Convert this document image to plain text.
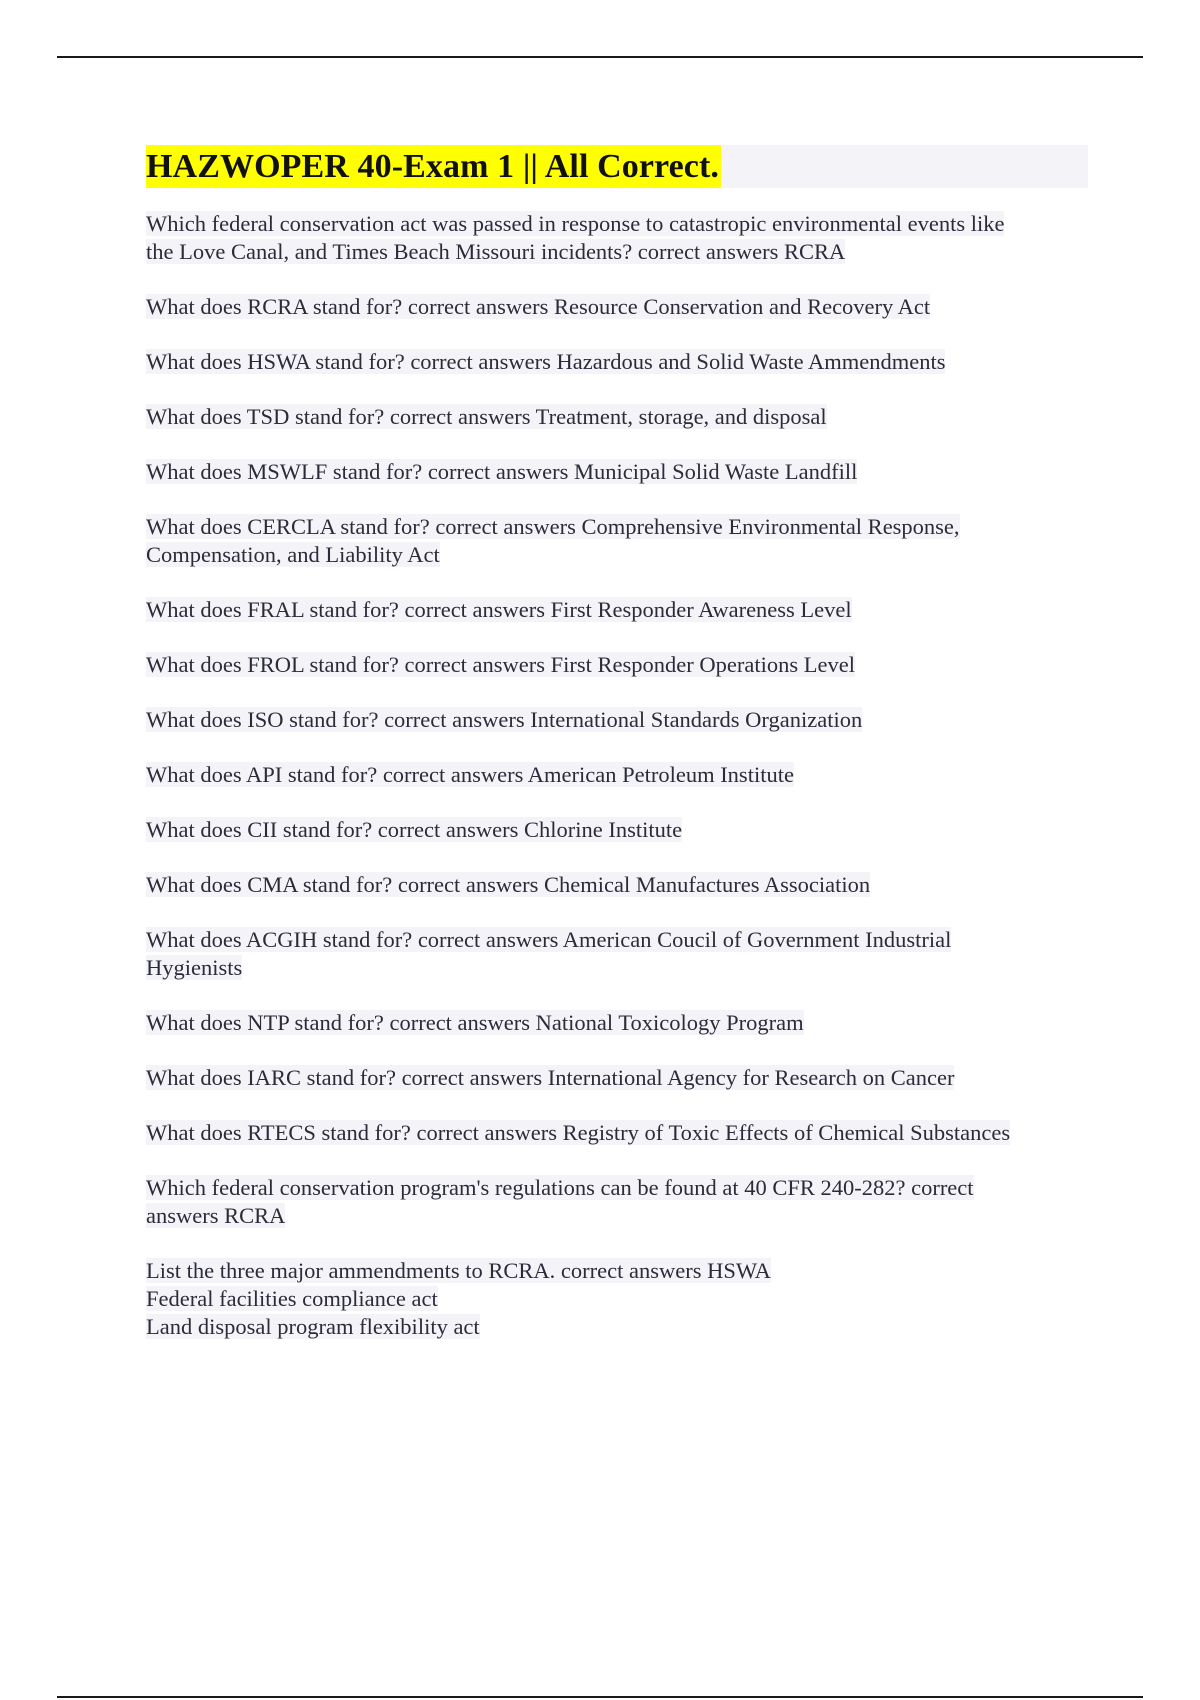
HAZWOPER 40-Exam 1 || All Correct.
Which federal conservation act was passed in response to catastropic environmental events like
the Love Canal, and Times Beach Missouri incidents? correct answers RCRA
What does RCRA stand for? correct answers Resource Conservation and Recovery Act
What does HSWA stand for? correct answers Hazardous and Solid Waste Ammendments
What does TSD stand for? correct answers Treatment, storage, and disposal
What does MSWLF stand for? correct answers Municipal Solid Waste Landfill
What does CERCLA stand for? correct answers Comprehensive Environmental Response,
Compensation, and Liability Act
What does FRAL stand for? correct answers First Responder Awareness Level
What does FROL stand for? correct answers First Responder Operations Level
What does ISO stand for? correct answers International Standards Organization
What does API stand for? correct answers American Petroleum Institute
What does CII stand for? correct answers Chlorine Institute
What does CMA stand for? correct answers Chemical Manufactures Association
What does ACGIH stand for? correct answers American Coucil of Government Industrial
Hygienists
What does NTP stand for? correct answers National Toxicology Program
What does IARC stand for? correct answers International Agency for Research on Cancer
What does RTECS stand for? correct answers Registry of Toxic Effects of Chemical Substances
Which federal conservation program's regulations can be found at 40 CFR 240-282? correct
answers RCRA
List the three major ammendments to RCRA. correct answers HSWA
Federal facilities compliance act
Land disposal program flexibility act
